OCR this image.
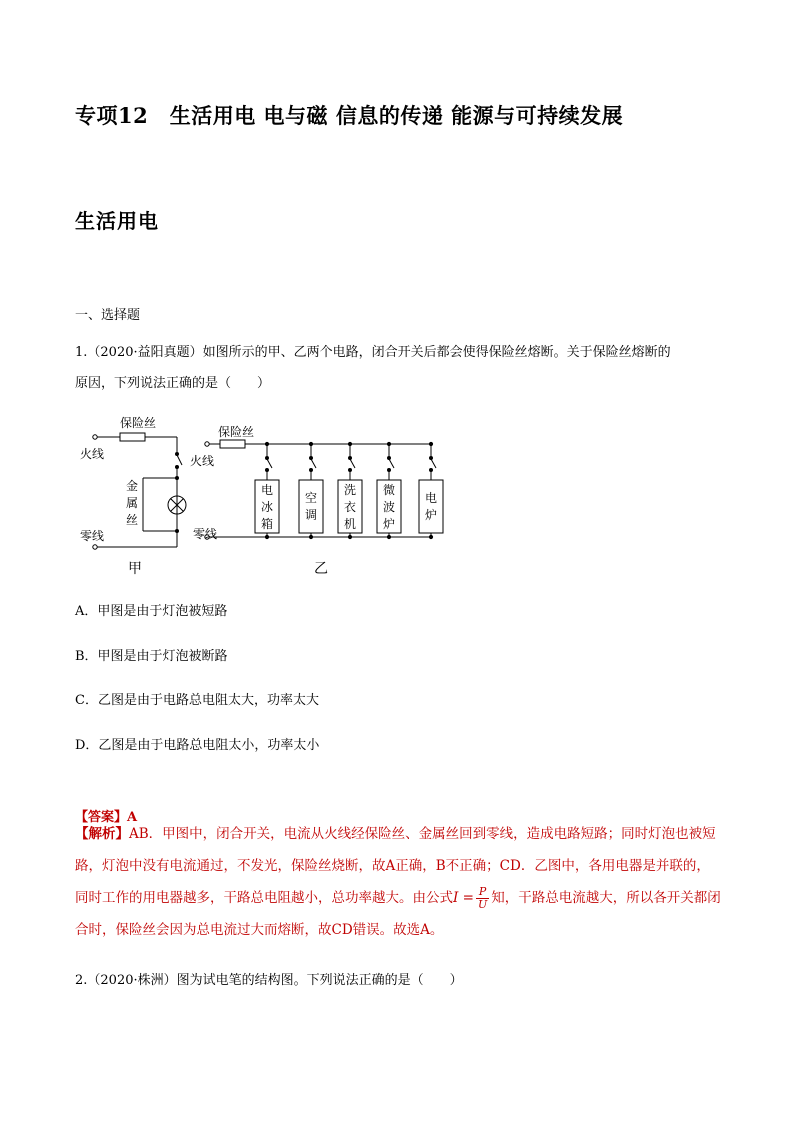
专项12　生活用电 电与磁 信息的传递 能源与可持续发展
生活用电
一、选择题
1.（2020·益阳真题）如图所示的甲、乙两个电路，闭合开关后都会使得保险丝熔断。关于保险丝熔断的
原因，下列说法正确的是（　　）
保险丝
火线
零线
金
属
丝
甲
保险丝
火线
零线
乙
电
冰
箱
空
调
洗
衣
机
微
波
炉
电
炉
A．甲图是由于灯泡被短路
B．甲图是由于灯泡被断路
C．乙图是由于电路总电阻太大，功率太大
D．乙图是由于电路总电阻太小，功率太小
【答案】A
【解析】AB．甲图中，闭合开关，电流从火线经保险丝、金属丝回到零线，造成电路短路；同时灯泡也被短路，灯泡中没有电流通过，不发光，保险丝烧断，故A正确，B不正确；CD．乙图中，各用电器是并联的，同时工作的用电器越多，干路总电阻越小，总功率越大。由公式$I = \frac{P}{U}$ 知，干路总电流越大，所以各开关都闭合时，保险丝会因为总电流过大而熔断，故CD错误。故选A。
2.（2020·株洲）图为试电笔的结构图。下列说法正确的是（　　）
